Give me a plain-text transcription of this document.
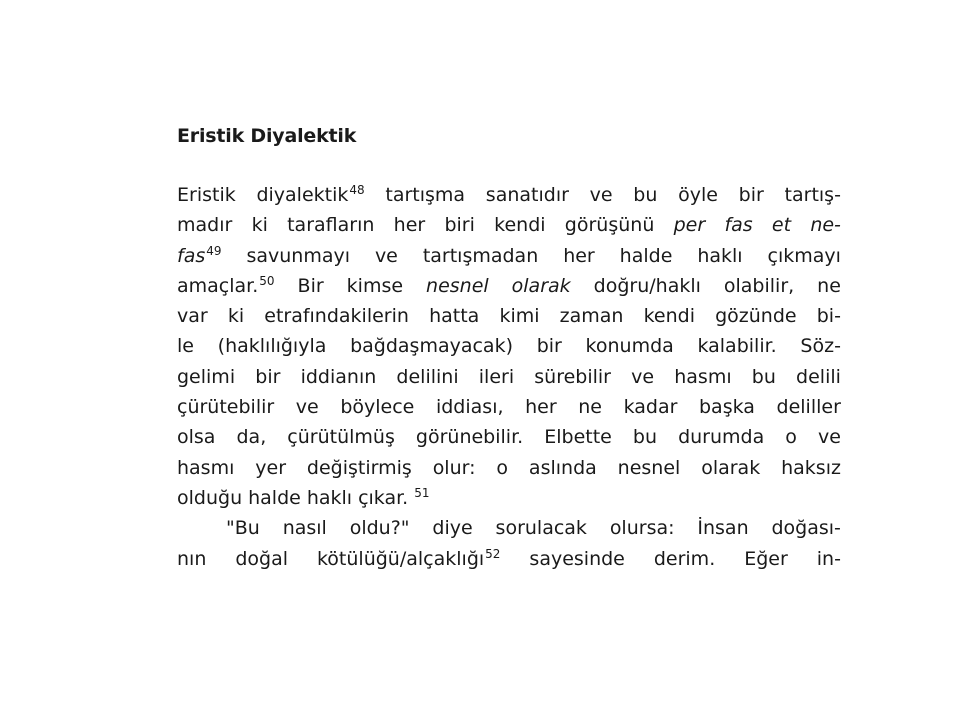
Eristik Diyalektik
Eristik diyalektik48 tartışma sanatıdır ve bu öyle bir tartış-
madır ki tarafların her biri kendi görüşünü per fas et ne-
fas49 savunmayı ve tartışmadan her halde haklı çıkmayı
amaçlar.50 Bir kimse nesnel olarak doğru/haklı olabilir, ne
var ki etrafındakilerin hatta kimi zaman kendi gözünde bi-
le (haklılığıyla bağdaşmayacak) bir konumda kalabilir. Söz-
gelimi bir iddianın delilini ileri sürebilir ve hasmı bu delili
çürütebilir ve böylece iddiası, her ne kadar başka deliller
olsa da, çürütülmüş görünebilir. Elbette bu durumda o ve
hasmı yer değiştirmiş olur: o aslında nesnel olarak haksız
olduğu halde haklı çıkar. 51
"Bu nasıl oldu?" diye sorulacak olursa: İnsan doğası-
nın doğal kötülüğü/alçaklığı52 sayesinde derim. Eğer in-
